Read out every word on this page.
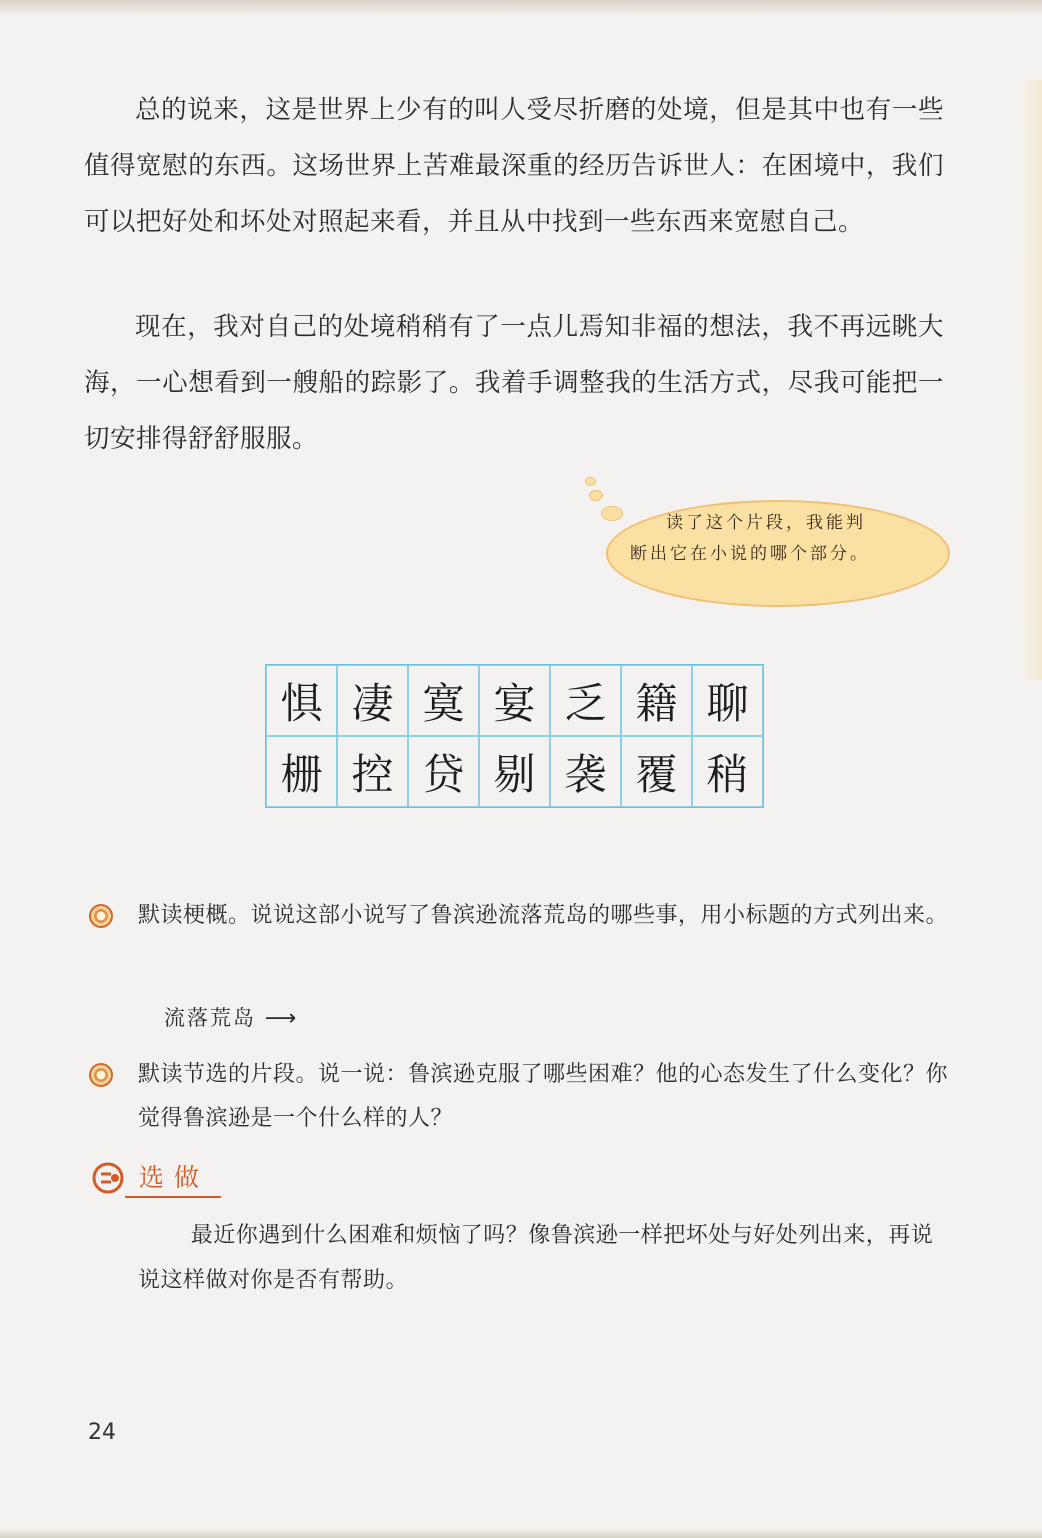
总的说来，这是世界上少有的叫人受尽折磨的处境，但是其中也有一些值得宽慰的东西。这场世界上苦难最深重的经历告诉世人：在困境中，我们可以把好处和坏处对照起来看，并且从中找到一些东西来宽慰自己。

现在，我对自己的处境稍稍有了一点儿焉知非福的想法，我不再远眺大海，一心想看到一艘船的踪影了。我着手调整我的生活方式，尽我可能把一切安排得舒舒服服。

读了这个片段，我能判
断出它在小说的哪个部分。
惧 凄 寞 宴 乏 籍 聊
栅 控 贷 剔 袭 覆 稍

默读梗概。说说这部小说写了鲁滨逊流落荒岛的哪些事，用小标题的方式列出来。

流落荒岛 ⟶

默读节选的片段。说一说：鲁滨逊克服了哪些困难？他的心态发生了什么变化？你觉得鲁滨逊是一个什么样的人？

选做

最近你遇到什么困难和烦恼了吗？像鲁滨逊一样把坏处与好处列出来，再说说这样做对你是否有帮助。

24
